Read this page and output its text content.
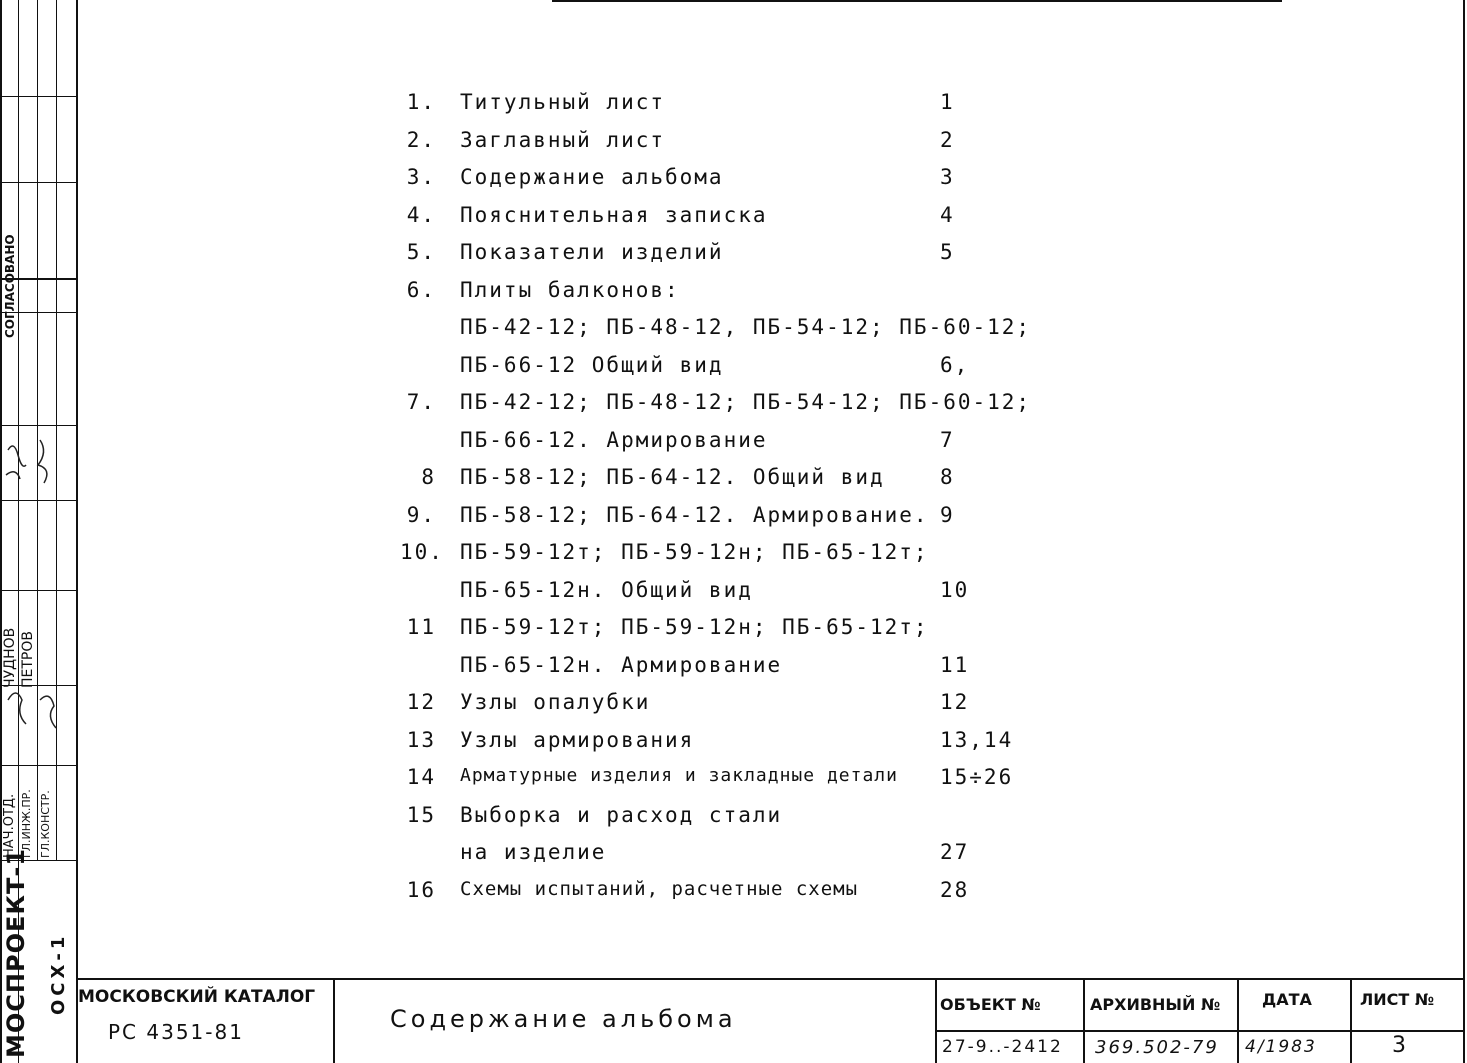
СОГЛАСОВАНО
НАЧ.ОТД. ГЛ.ИНЖ.ПР. ГЛ.КОНСТР.
ЧУДНОВ ПЕТРОВ
МОСПРОЕКТ-1 ОСХ-1
1. Титульный лист	1
2. Заглавный лист	2
3. Содержание альбома	3
4. Пояснительная записка	4
5. Показатели изделий	5
6. Плиты балконов:
ПБ-42-12; ПБ-48-12, ПБ-54-12; ПБ-60-12;
ПБ-66-12 Общий вид	6,
7. ПБ-42-12; ПБ-48-12; ПБ-54-12; ПБ-60-12;
ПБ-66-12. Армирование	7
8 ПБ-58-12; ПБ-64-12. Общий вид	8
9. ПБ-58-12; ПБ-64-12. Армирование. 9
10. ПБ-59-12т; ПБ-59-12н; ПБ-65-12т;
ПБ-65-12н. Общий вид	10
11 ПБ-59-12т; ПБ-59-12н; ПБ-65-12т;
ПБ-65-12н. Армирование	11
12 Узлы опалубки	12
13 Узлы армирования	13,14
14 Арматурные изделия и закладные детали 15÷26
15 Выборка и расход стали
на изделие	27
16 Схемы испытаний, расчетные схемы	28
МОСКОВСКИЙ КАТАЛОГ
РС 4351-81	Содержание альбома
ОБЪЕКТ №	АРХИВНЫЙ №	ДАТА	ЛИСТ №
27-9..-2412 369.502-79 4/1983	3
